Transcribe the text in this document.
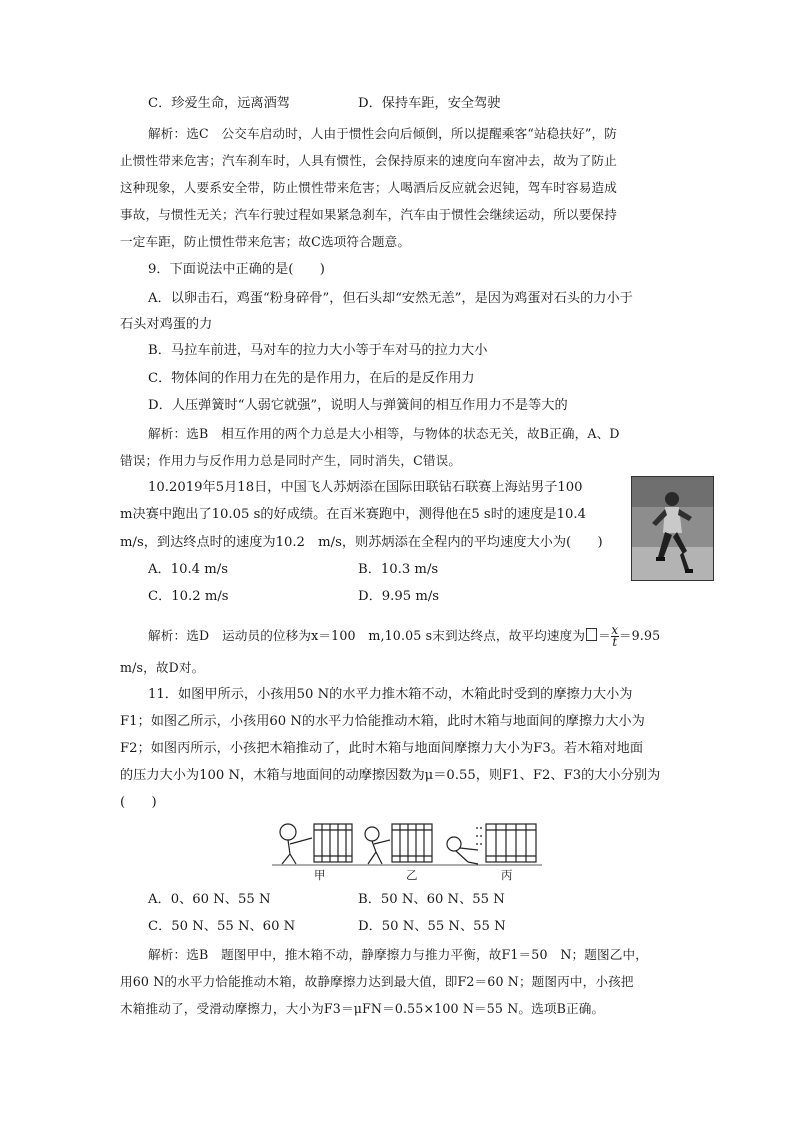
C．珍爱生命，远离酒驾	D．保持车距，安全驾驶
解析：选C　公交车启动时，人由于惯性会向后倾倒，所以提醒乘客“站稳扶好”，防
止惯性带来危害；汽车刹车时，人具有惯性，会保持原来的速度向车窗冲去，故为了防止
这种现象，人要系安全带，防止惯性带来危害；人喝酒后反应就会迟钝，驾车时容易造成
事故，与惯性无关；汽车行驶过程如果紧急刹车，汽车由于惯性会继续运动，所以要保持
一定车距，防止惯性带来危害；故C选项符合题意。
9．下面说法中正确的是(　　)
A．以卵击石，鸡蛋“粉身碎骨”，但石头却“安然无恙”，是因为鸡蛋对石头的力小于
石头对鸡蛋的力
B．马拉车前进，马对车的拉力大小等于车对马的拉力大小
C．物体间的作用力在先的是作用力，在后的是反作用力
D．人压弹簧时“人弱它就强”，说明人与弹簧间的相互作用力不是等大的
解析：选B　相互作用的两个力总是大小相等，与物体的状态无关，故B正确，A、D
错误；作用力与反作用力总是同时产生，同时消失，C错误。
10.2019年5月18日，中国飞人苏炳添在国际田联钻石联赛上海站男子100
m决赛中跑出了10.05 s的好成绩。在百米赛跑中，测得他在5 s时的速度是10.4
m/s，到达终点时的速度为10.2　m/s，则苏炳添在全程内的平均速度大小为(　　)
A．10.4 m/s	B．10.3 m/s
C．10.2 m/s	D．9.95 m/s
解析：选D　运动员的位移为x＝100　m,10.05 s末到达终点，故平均速度为 ＝ $\frac{x}{t} =9.95$
m/s，故D对。
11．如图甲所示，小孩用50 N的水平力推木箱不动，木箱此时受到的摩擦力大小为
F1；如图乙所示，小孩用60 N的水平力恰能推动木箱，此时木箱与地面间的摩擦力大小为
F2；如图丙所示，小孩把木箱推动了，此时木箱与地面间摩擦力大小为F3。若木箱对地面
的压力大小为100 N，木箱与地面间的动摩擦因数为μ＝0.55，则F1、F2、F3的大小分别为
(　　)
甲	乙	丙
A．0、60 N、55 N	B．50 N、60 N、55 N
C．50 N、55 N、60 N	D．50 N、55 N、55 N
解析：选B　题图甲中，推木箱不动，静摩擦力与推力平衡，故F1＝50　N；题图乙中，
用60 N的水平力恰能推动木箱，故静摩擦力达到最大值，即F2＝60 N；题图丙中，小孩把
木箱推动了，受滑动摩擦力，大小为F3＝μFN＝0.55×100 N＝55 N。选项B正确。
